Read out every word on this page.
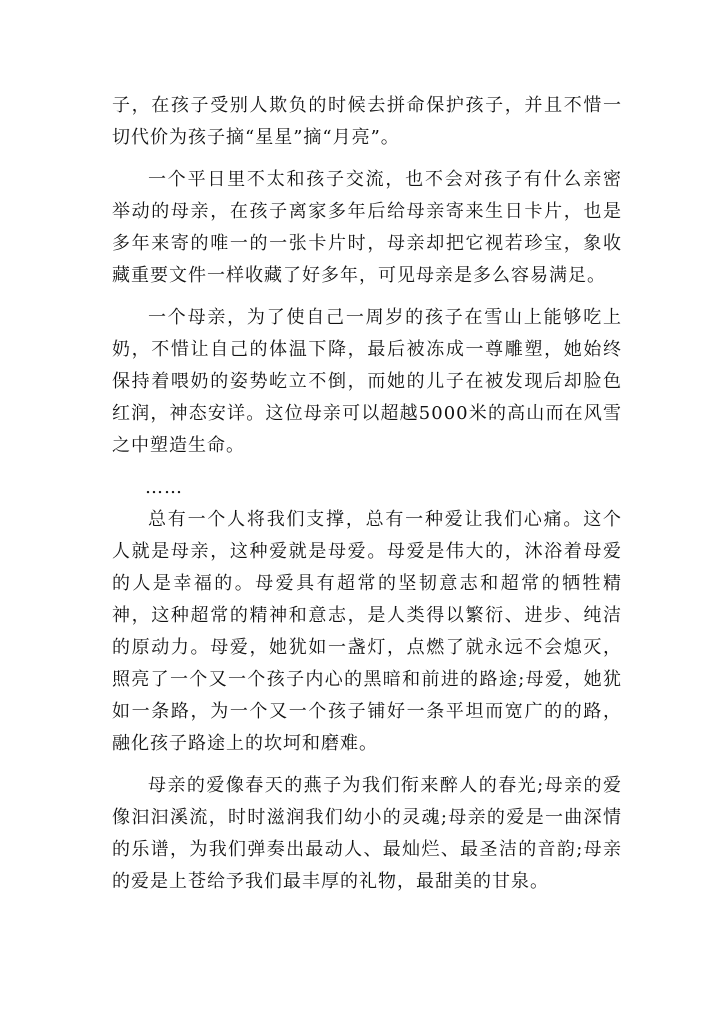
子，在孩子受别人欺负的时候去拼命保护孩子，并且不惜一切代价为孩子摘“星星”摘“月亮”。

一个平日里不太和孩子交流，也不会对孩子有什么亲密举动的母亲，在孩子离家多年后给母亲寄来生日卡片，也是多年来寄的唯一的一张卡片时，母亲却把它视若珍宝，象收藏重要文件一样收藏了好多年，可见母亲是多么容易满足。

一个母亲，为了使自己一周岁的孩子在雪山上能够吃上奶，不惜让自己的体温下降，最后被冻成一尊雕塑，她始终保持着喂奶的姿势屹立不倒，而她的儿子在被发现后却脸色红润，神态安详。这位母亲可以超越5000米的高山而在风雪之中塑造生命。

……

总有一个人将我们支撑，总有一种爱让我们心痛。这个人就是母亲，这种爱就是母爱。母爱是伟大的，沐浴着母爱的人是幸福的。母爱具有超常的坚韧意志和超常的牺牲精神，这种超常的精神和意志，是人类得以繁衍、进步、纯洁的原动力。母爱，她犹如一盏灯，点燃了就永远不会熄灭，照亮了一个又一个孩子内心的黑暗和前进的路途;母爱，她犹如一条路，为一个又一个孩子铺好一条平坦而宽广的的路，融化孩子路途上的坎坷和磨难。

母亲的爱像春天的燕子为我们衔来醉人的春光;母亲的爱像汩汩溪流，时时滋润我们幼小的灵魂;母亲的爱是一曲深情的乐谱，为我们弹奏出最动人、最灿烂、最圣洁的音韵;母亲的爱是上苍给予我们最丰厚的礼物，最甜美的甘泉。
